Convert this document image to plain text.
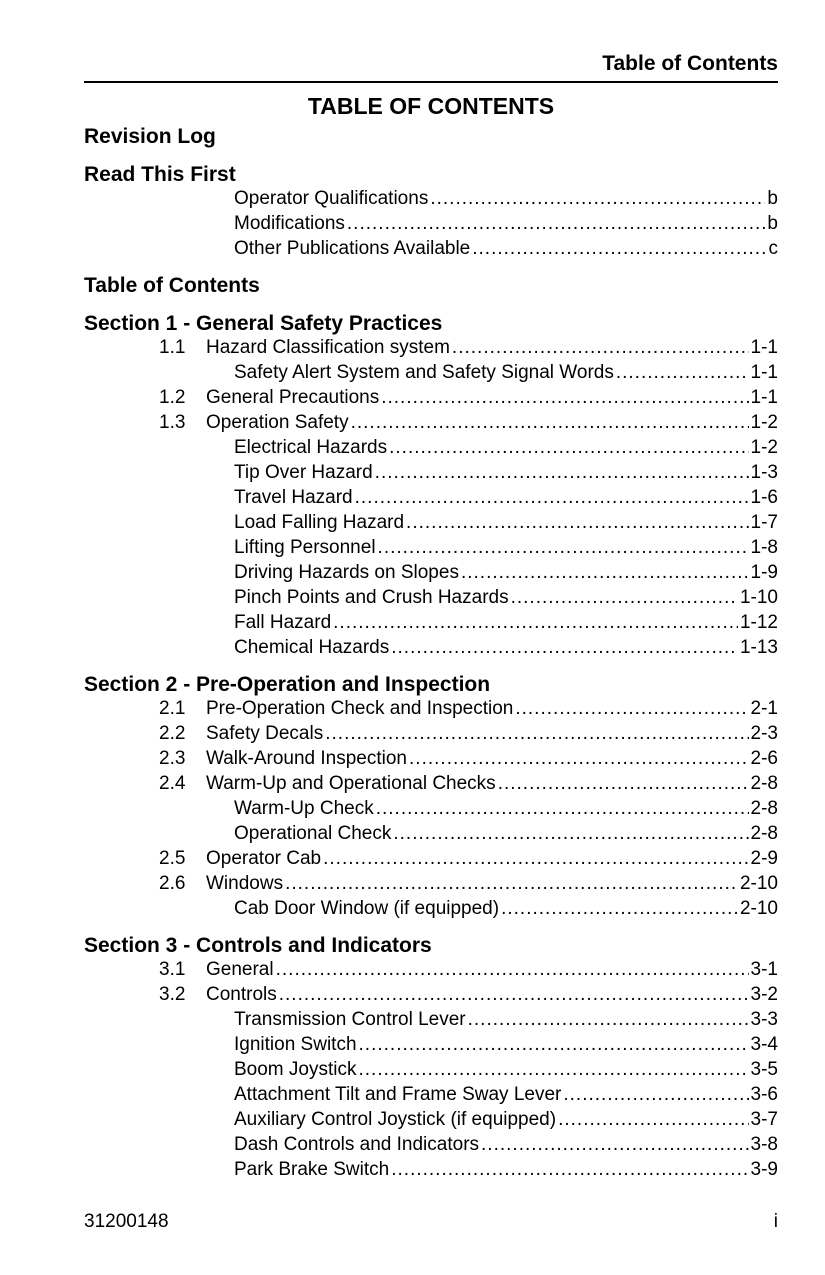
Table of Contents
TABLE OF CONTENTS
Revision Log
Read This First
Operator Qualifications .....	b
Modifications .....	b
Other Publications Available .....	c
Table of Contents
Section 1 - General Safety Practices
1.1 Hazard Classification system .....	1-1
Safety Alert System and Safety Signal Words .....	1-1
1.2 General Precautions .....	1-1
1.3 Operation Safety .....	1-2
Electrical Hazards .....	1-2
Tip Over Hazard .....	1-3
Travel Hazard .....	1-6
Load Falling Hazard .....	1-7
Lifting Personnel .....	1-8
Driving Hazards on Slopes .....	1-9
Pinch Points and Crush Hazards .....	1-10
Fall Hazard .....	1-12
Chemical Hazards .....	1-13
Section 2 - Pre-Operation and Inspection
2.1 Pre-Operation Check and Inspection .....	2-1
2.2 Safety Decals .....	2-3
2.3 Walk-Around Inspection .....	2-6
2.4 Warm-Up and Operational Checks .....	2-8
Warm-Up Check .....	2-8
Operational Check .....	2-8
2.5 Operator Cab .....	2-9
2.6 Windows .....	2-10
Cab Door Window (if equipped) .....	2-10
Section 3 - Controls and Indicators
3.1 General .....	3-1
3.2 Controls .....	3-2
Transmission Control Lever .....	3-3
Ignition Switch .....	3-4
Boom Joystick .....	3-5
Attachment Tilt and Frame Sway Lever .....	3-6
Auxiliary Control Joystick (if equipped) .....	3-7
Dash Controls and Indicators .....	3-8
Park Brake Switch .....	3-9
31200148	i
